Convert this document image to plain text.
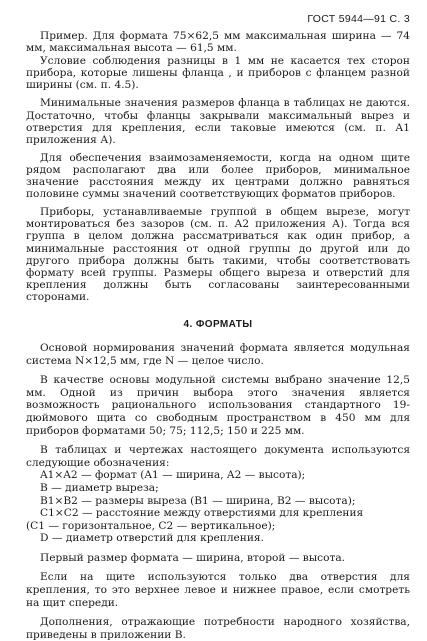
ГОСТ 5944—91 С. 3

Пример. Для формата 75×62,5 мм максимальная ширина — 74 мм, максимальная высота — 61,5 мм.

Условие соблюдения разницы в 1 мм не касается тех сторон прибора, которые лишены фланца , и приборов с фланцем разной ширины (см. п. 4.5).

Минимальные значения размеров фланца в таблицах не даются. Достаточно, чтобы фланцы закрывали максимальный вырез и отверстия для крепления, если таковые имеются (см. п. А1 приложения А).

Для обеспечения взаимозаменяемости, когда на одном щите рядом располагают два или более приборов, минимальное значение расстояния между их центрами должно равняться половине суммы значений соответствующих форматов приборов.

Приборы, устанавливаемые группой в общем вырезе, могут монтироваться без зазоров (см. п. А2 приложения А). Тогда вся группа в целом должна рассматриваться как один прибор, а минимальные расстояния от одной группы до другой или до другого прибора должны быть такими, чтобы соответствовать формату всей группы. Размеры общего выреза и отверстий для крепления должны быть согласованы заинтересованными сторонами.

4. ФОРМАТЫ

Основой нормирования значений формата является модульная система N×12,5 мм, где N — целое число.

В качестве основы модульной системы выбрано значение 12,5 мм. Одной из причин выбора этого значения является возможность рационального использования стандартного 19-дюймового щита со свободным пространством в 450 мм для приборов форматами 50; 75; 112,5; 150 и 225 мм.

В таблицах и чертежах настоящего документа используются следующие обозначения:

A1×A2 — формат (A1 — ширина, A2 — высота);
B — диаметр выреза;
B1×B2 — размеры выреза (B1 — ширина, B2 — высота);
C1×C2 — расстояние между отверстиями для крепления
(C1 — горизонтальное, C2 — вертикальное);
D — диаметр отверстий для крепления.

Первый размер формата — ширина, второй — высота.

Если на щите используются только два отверстия для крепления, то это верхнее левое и нижнее правое, если смотреть на щит спереди.

Дополнения, отражающие потребности народного хозяйства, приведены в приложении В.
